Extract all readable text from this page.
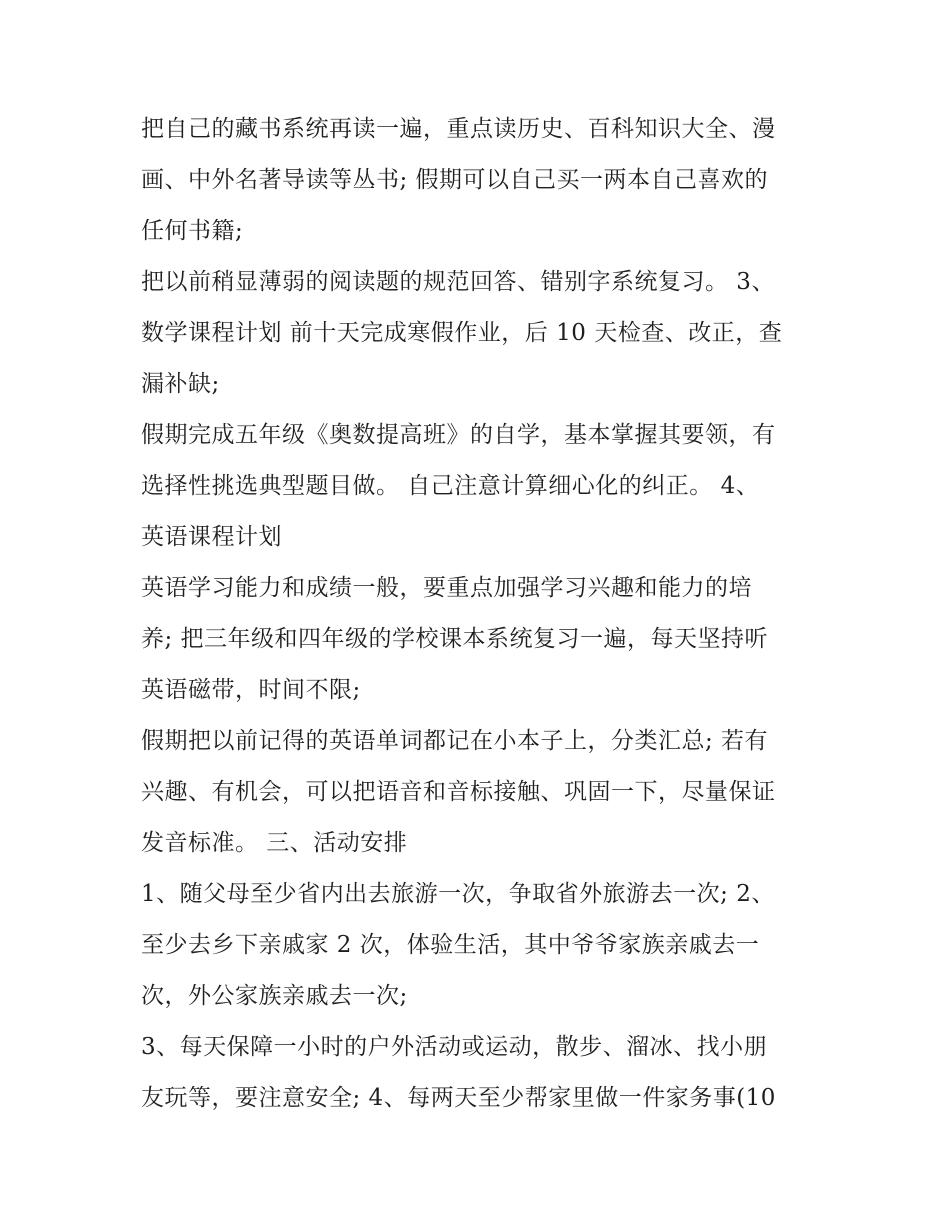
把自己的藏书系统再读一遍，重点读历史、百科知识大全、漫
画、中外名著导读等丛书; 假期可以自己买一两本自己喜欢的
任何书籍;
把以前稍显薄弱的阅读题的规范回答、错别字系统复习。 3、
数学课程计划 前十天完成寒假作业，后 10 天检查、改正，查
漏补缺;
假期完成五年级《奥数提高班》的自学，基本掌握其要领，有
选择性挑选典型题目做。 自己注意计算细心化的纠正。 4、
英语课程计划
英语学习能力和成绩一般，要重点加强学习兴趣和能力的培
养; 把三年级和四年级的学校课本系统复习一遍，每天坚持听
英语磁带，时间不限;
假期把以前记得的英语单词都记在小本子上，分类汇总; 若有
兴趣、有机会，可以把语音和音标接触、巩固一下，尽量保证
发音标准。 三、活动安排
1、随父母至少省内出去旅游一次，争取省外旅游去一次; 2、
至少去乡下亲戚家 2 次，体验生活，其中爷爷家族亲戚去一
次，外公家族亲戚去一次;
3、每天保障一小时的户外活动或运动，散步、溜冰、找小朋
友玩等，要注意安全; 4、每两天至少帮家里做一件家务事(10
